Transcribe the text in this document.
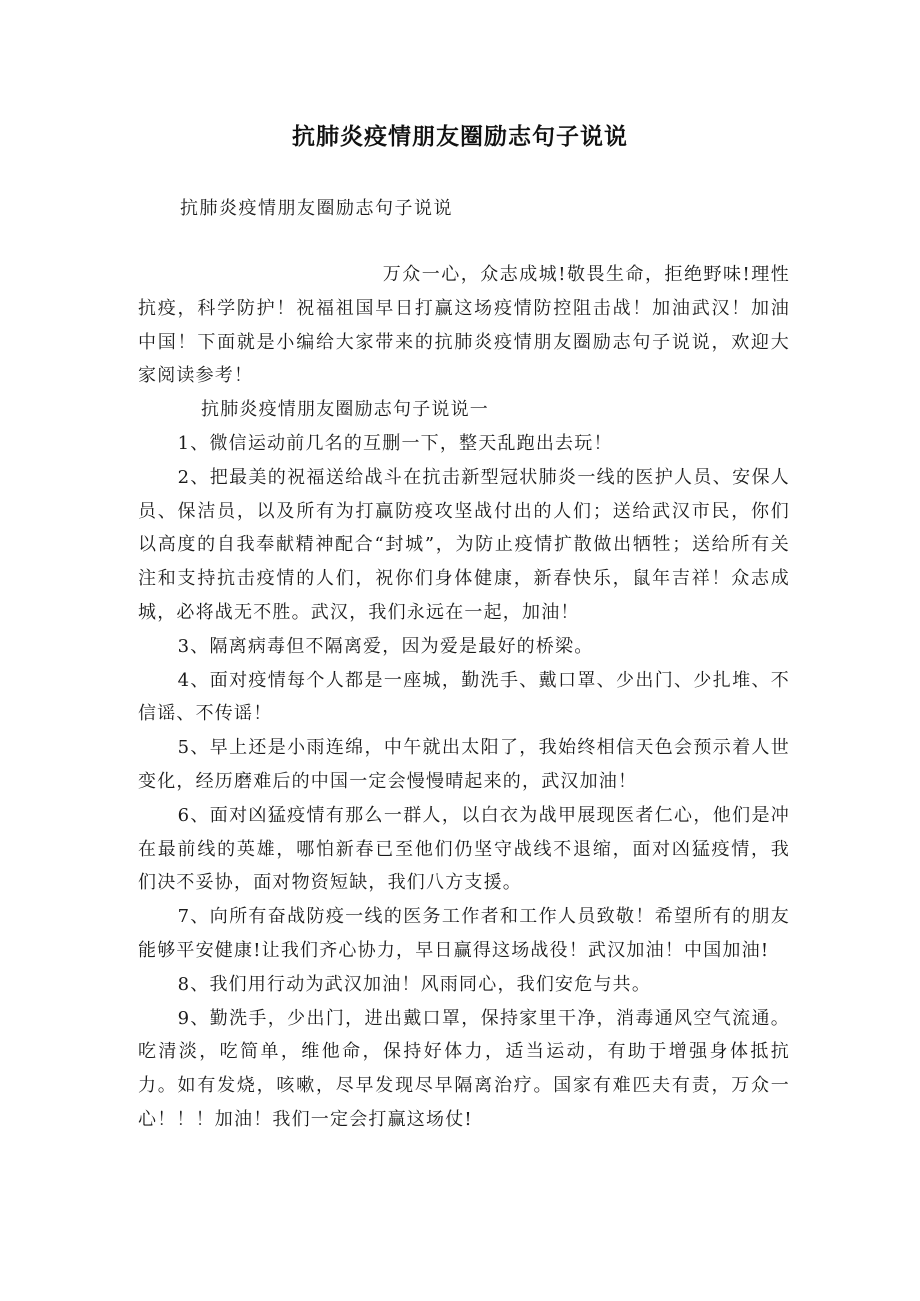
抗肺炎疫情朋友圈励志句子说说
抗肺炎疫情朋友圈励志句子说说

万众一心，众志成城!敬畏生命，拒绝野味!理性抗疫，科学防护！祝福祖国早日打赢这场疫情防控阻击战！加油武汉！加油中国！下面就是小编给大家带来的抗肺炎疫情朋友圈励志句子说说，欢迎大家阅读参考！

抗肺炎疫情朋友圈励志句子说说一

1、微信运动前几名的互删一下，整天乱跑出去玩！

2、把最美的祝福送给战斗在抗击新型冠状肺炎一线的医护人员、安保人员、保洁员，以及所有为打赢防疫攻坚战付出的人们；送给武汉市民，你们以高度的自我奉献精神配合“封城”，为防止疫情扩散做出牺牲；送给所有关注和支持抗击疫情的人们，祝你们身体健康，新春快乐，鼠年吉祥！众志成城，必将战无不胜。武汉，我们永远在一起，加油！

3、隔离病毒但不隔离爱，因为爱是最好的桥梁。

4、面对疫情每个人都是一座城，勤洗手、戴口罩、少出门、少扎堆、不信谣、不传谣！

5、早上还是小雨连绵，中午就出太阳了，我始终相信天色会预示着人世变化，经历磨难后的中国一定会慢慢晴起来的，武汉加油！

6、面对凶猛疫情有那么一群人，以白衣为战甲展现医者仁心，他们是冲在最前线的英雄，哪怕新春已至他们仍坚守战线不退缩，面对凶猛疫情，我们决不妥协，面对物资短缺，我们八方支援。

7、向所有奋战防疫一线的医务工作者和工作人员致敬！希望所有的朋友能够平安健康!让我们齐心协力，早日赢得这场战役！武汉加油！中国加油!

8、我们用行动为武汉加油！风雨同心，我们安危与共。

9、勤洗手，少出门，进出戴口罩，保持家里干净，消毒通风空气流通。吃清淡，吃简单，维他命，保持好体力，适当运动，有助于增强身体抵抗力。如有发烧，咳嗽，尽早发现尽早隔离治疗。国家有难匹夫有责，万众一心！！！加油！我们一定会打赢这场仗!
